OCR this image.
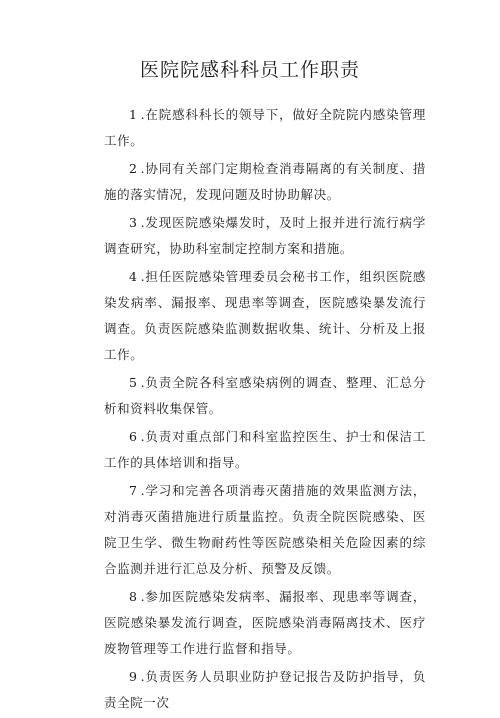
医院院感科科员工作职责

1 .在院感科科长的领导下，做好全院院内感染管理工作。

2 .协同有关部门定期检查消毒隔离的有关制度、措施的落实情况，发现问题及时协助解决。

3 .发现医院感染爆发时，及时上报并进行流行病学调查研究，协助科室制定控制方案和措施。

4 .担任医院感染管理委员会秘书工作，组织医院感染发病率、漏报率、现患率等调查，医院感染暴发流行调查。负责医院感染监测数据收集、统计、分析及上报工作。

5 .负责全院各科室感染病例的调查、整理、汇总分析和资料收集保管。

6 .负责对重点部门和科室监控医生、护士和保洁工工作的具体培训和指导。

7 .学习和完善各项消毒灭菌措施的效果监测方法，对消毒灭菌措施进行质量监控。负责全院医院感染、医院卫生学、微生物耐药性等医院感染相关危险因素的综合监测并进行汇总及分析、预警及反馈。

8 .参加医院感染发病率、漏报率、现患率等调查，医院感染暴发流行调查，医院感染消毒隔离技术、医疗废物管理等工作进行监督和指导。

9 .负责医务人员职业防护登记报告及防护指导，负责全院一次
